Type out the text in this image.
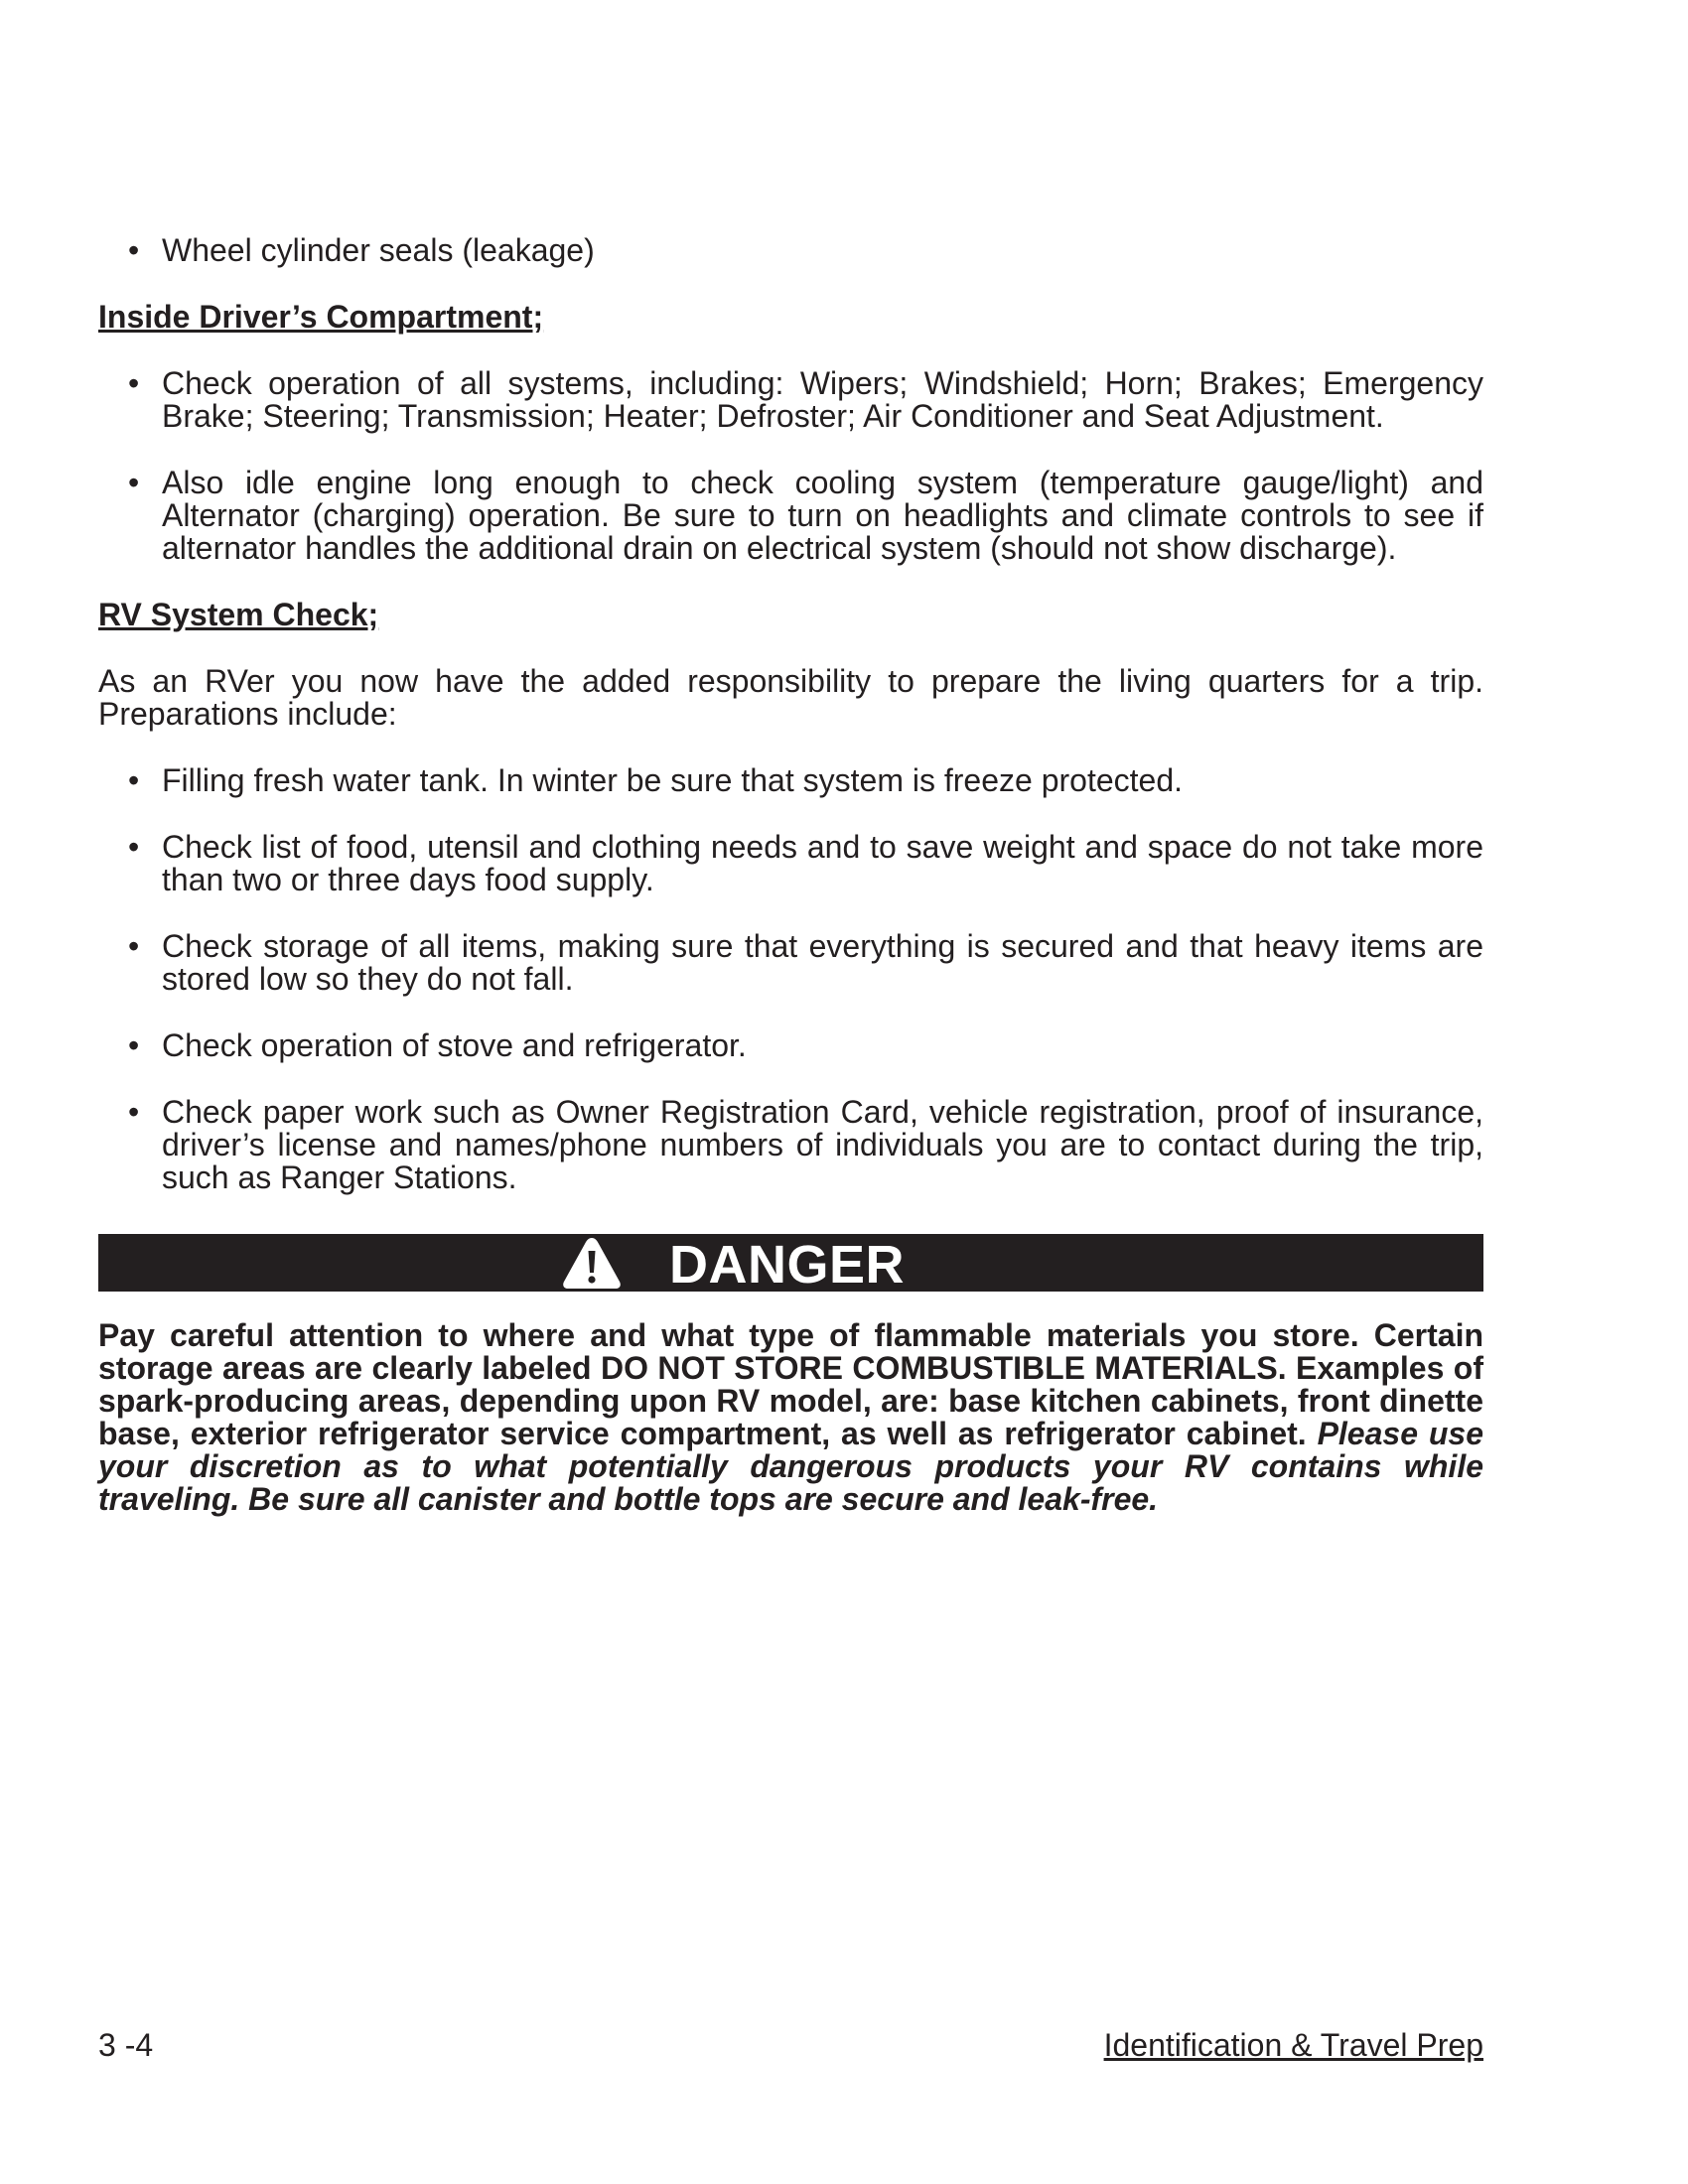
• Wheel cylinder seals (leakage)
Inside Driver’s Compartment;
• Check operation of all systems, including: Wipers; Windshield; Horn; Brakes; Emergency Brake; Steering; Transmission; Heater; Defroster; Air Conditioner and Seat Adjustment.
• Also idle engine long enough to check cooling system (temperature gauge/light) and Alternator (charging) operation. Be sure to turn on headlights and climate controls to see if alternator handles the additional drain on electrical system (should not show discharge).
RV System Check;
As an RVer you now have the added responsibility to prepare the living quarters for a trip. Preparations include:
• Filling fresh water tank. In winter be sure that system is freeze protected.
• Check list of food, utensil and clothing needs and to save weight and space do not take more than two or three days food supply.
• Check storage of all items, making sure that everything is secured and that heavy items are stored low so they do not fall.
• Check operation of stove and refrigerator.
• Check paper work such as Owner Registration Card, vehicle registration, proof of insurance, driver’s license and names/phone numbers of individuals you are to contact during the trip, such as Ranger Stations.
DANGER
Pay careful attention to where and what type of flammable materials you store. Certain storage areas are clearly labeled DO NOT STORE COMBUSTIBLE MATERIALS. Examples of spark-producing areas, depending upon RV model, are: base kitchen cabinets, front dinette base, exterior refrigerator service compartment, as well as refrigerator cabinet. Please use your discretion as to what potentially dangerous products your RV contains while traveling. Be sure all canister and bottle tops are secure and leak-free.
3 -4	Identification & Travel Prep
